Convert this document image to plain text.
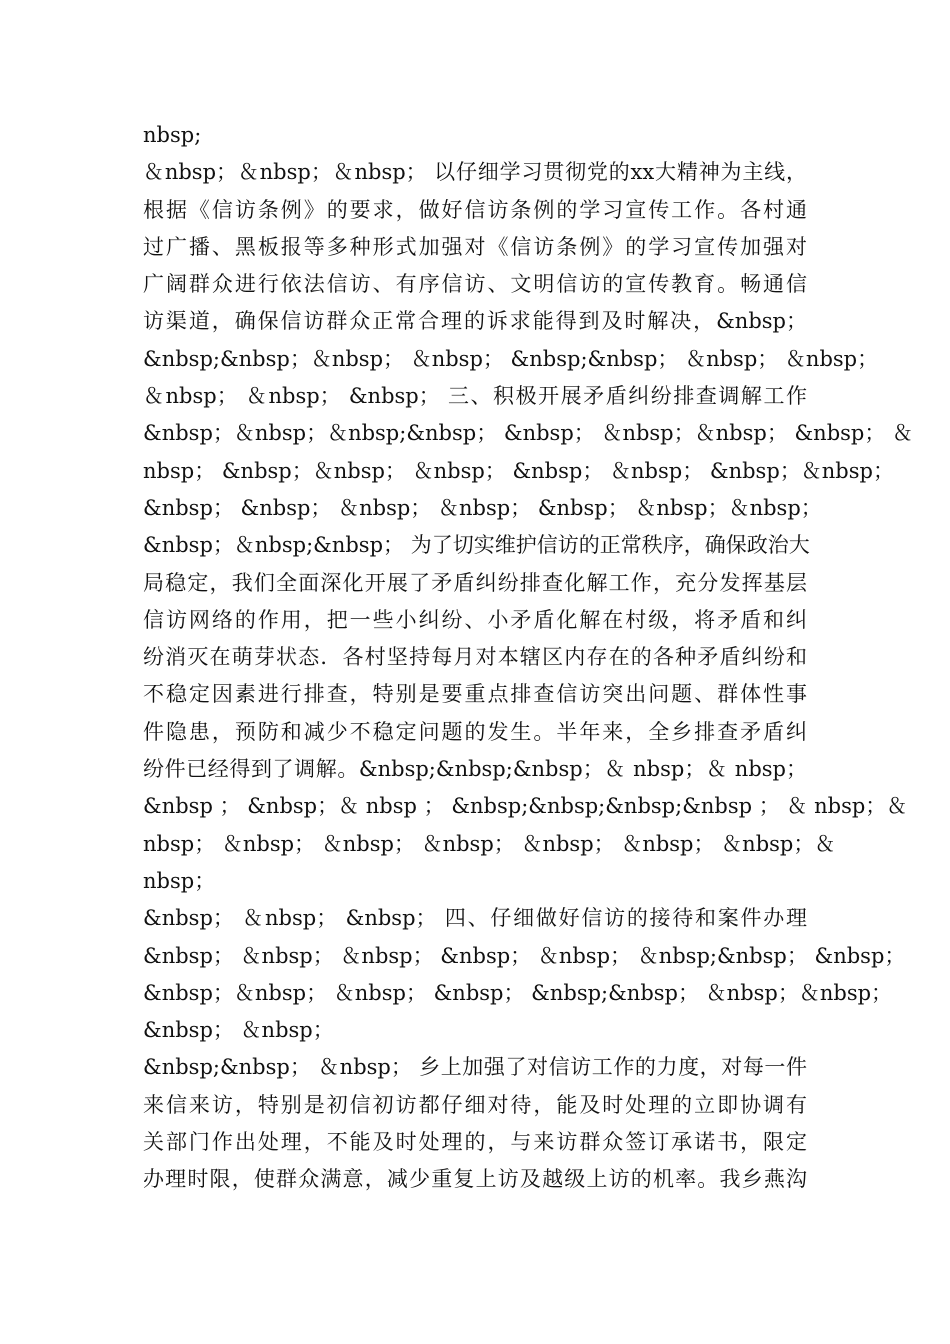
nbsp;
＆nbsp；＆nbsp；＆nbsp； 以仔细学习贯彻党的xx大精神为主线，
根据《信访条例》的要求，做好信访条例的学习宣传工作。各村通
过广播、黑板报等多种形式加强对《信访条例》的学习宣传加强对
广阔群众进行依法信访、有序信访、文明信访的宣传教育。畅通信
访渠道，确保信访群众正常合理的诉求能得到及时解决，&nbsp；
&nbsp;&nbsp；＆nbsp； ＆nbsp； &nbsp;&nbsp； ＆nbsp； ＆nbsp；
＆nbsp； ＆nbsp； &nbsp； 三、积极开展矛盾纠纷排查调解工作
&nbsp；＆nbsp；＆nbsp;&nbsp； &nbsp； ＆nbsp；＆nbsp； &nbsp； ＆
nbsp； &nbsp；＆nbsp； ＆nbsp； &nbsp； ＆nbsp； &nbsp；＆nbsp；
&nbsp； &nbsp； ＆nbsp； ＆nbsp； &nbsp； ＆nbsp；＆nbsp；
&nbsp；＆nbsp;&nbsp； 为了切实维护信访的正常秩序，确保政治大
局稳定，我们全面深化开展了矛盾纠纷排查化解工作，充分发挥基层
信访网络的作用，把一些小纠纷、小矛盾化解在村级，将矛盾和纠
纷消灭在萌芽状态．各村坚持每月对本辖区内存在的各种矛盾纠纷和
不稳定因素进行排查，特别是要重点排查信访突出问题、群体性事
件隐患，预防和减少不稳定问题的发生。半年来，全乡排查矛盾纠
纷件已经得到了调解。&nbsp;&nbsp;&nbsp；＆ nbsp；＆ nbsp；
&nbsp ； &nbsp；＆ nbsp ； &nbsp;&nbsp;&nbsp;&nbsp ； ＆ nbsp；＆
nbsp； ＆nbsp； ＆nbsp； ＆nbsp； ＆nbsp； ＆nbsp； ＆nbsp；＆
nbsp；
&nbsp； ＆nbsp； &nbsp； 四、仔细做好信访的接待和案件办理
&nbsp； ＆nbsp； ＆nbsp； &nbsp； ＆nbsp； ＆nbsp;&nbsp； &nbsp；
&nbsp；＆nbsp； ＆nbsp； &nbsp； &nbsp;&nbsp； ＆nbsp；＆nbsp；
&nbsp； ＆nbsp；
&nbsp;&nbsp； ＆nbsp； 乡上加强了对信访工作的力度，对每一件
来信来访，特别是初信初访都仔细对待，能及时处理的立即协调有
关部门作出处理，不能及时处理的，与来访群众签订承诺书，限定
办理时限，使群众满意，减少重复上访及越级上访的机率。我乡燕沟
